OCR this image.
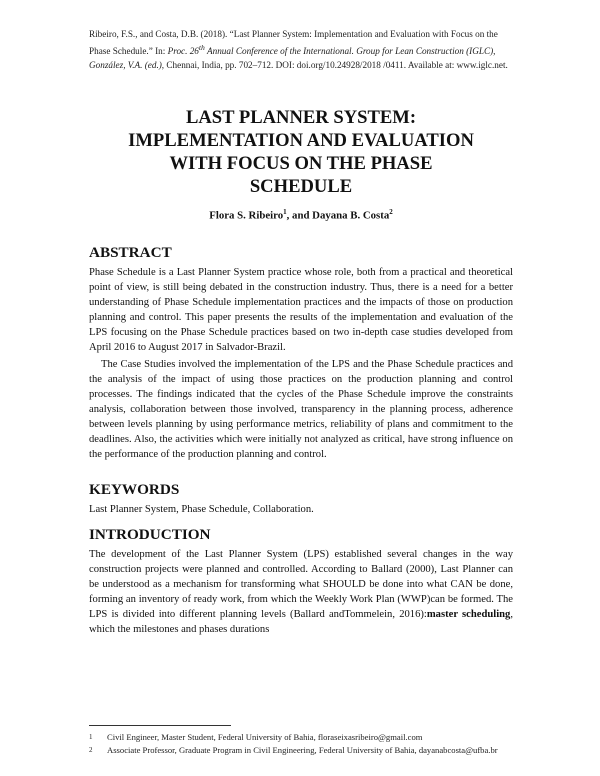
Ribeiro, F.S., and Costa, D.B. (2018). “Last Planner System: Implementation and Evaluation with Focus on the Phase Schedule.” In: Proc. 26th Annual Conference of the International. Group for Lean Construction (IGLC), González, V.A. (ed.), Chennai, India, pp. 702–712. DOI: doi.org/10.24928/2018 /0411. Available at: www.iglc.net.
LAST PLANNER SYSTEM:
IMPLEMENTATION AND EVALUATION
WITH FOCUS ON THE PHASE
SCHEDULE
Flora S. Ribeiro$^1$, and Dayana B. Costa$^2$
ABSTRACT

Phase Schedule is a Last Planner System practice whose role, both from a practical and theoretical point of view, is still being debated in the construction industry. Thus, there is a need for a better understanding of Phase Schedule implementation practices and the impacts of those on production planning and control. This paper presents the results of the implementation and evaluation of the LPS focusing on the Phase Schedule practices based on two in-depth case studies developed from April 2016 to August 2017 in Salvador-Brazil.

The Case Studies involved the implementation of the LPS and the Phase Schedule practices and the analysis of the impact of using those practices on the production planning and control processes. The findings indicated that the cycles of the Phase Schedule improve the constraints analysis, collaboration between those involved, transparency in the planning process, adherence between levels planning by using performance metrics, reliability of plans and commitment to the deadlines. Also, the activities which were initially not analyzed as critical, have strong influence on the performance of the production planning and control.

KEYWORDS

Last Planner System, Phase Schedule, Collaboration.

INTRODUCTION

The development of the Last Planner System (LPS) established several changes in the way construction projects were planned and controlled. According to Ballard (2000), Last Planner can be understood as a mechanism for transforming what SHOULD be done into what CAN be done, forming an inventory of ready work, from which the Weekly Work Plan (WWP)can be formed. The LPS is divided into different planning levels (Ballard andTommelein, 2016):master scheduling, which the milestones and phases durations

1 Civil Engineer, Master Student, Federal University of Bahia, floraseixasribeiro@gmail.com
2 Associate Professor, Graduate Program in Civil Engineering, Federal University of Bahia, dayanabcosta@ufba.br
